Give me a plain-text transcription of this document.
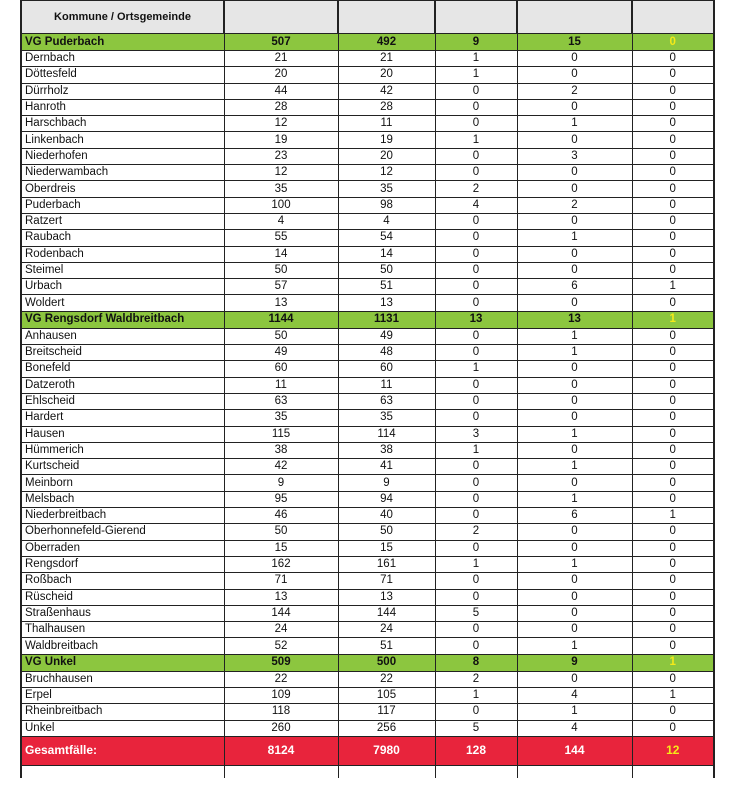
Kommune / Ortsgemeinde					
VG Puderbach	507	492	9	15	0
Dernbach	21	21	1	0	0
Döttesfeld	20	20	1	0	0
Dürrholz	44	42	0	2	0
Hanroth	28	28	0	0	0
Harschbach	12	11	0	1	0
Linkenbach	19	19	1	0	0
Niederhofen	23	20	0	3	0
Niederwambach	12	12	0	0	0
Oberdreis	35	35	2	0	0
Puderbach	100	98	4	2	0
Ratzert	4	4	0	0	0
Raubach	55	54	0	1	0
Rodenbach	14	14	0	0	0
Steimel	50	50	0	0	0
Urbach	57	51	0	6	1
Woldert	13	13	0	0	0
VG Rengsdorf Waldbreitbach	1144	1131	13	13	1
Anhausen	50	49	0	1	0
Breitscheid	49	48	0	1	0
Bonefeld	60	60	1	0	0
Datzeroth	11	11	0	0	0
Ehlscheid	63	63	0	0	0
Hardert	35	35	0	0	0
Hausen	115	114	3	1	0
Hümmerich	38	38	1	0	0
Kurtscheid	42	41	0	1	0
Meinborn	9	9	0	0	0
Melsbach	95	94	0	1	0
Niederbreitbach	46	40	0	6	1
Oberhonnefeld-Gierend	50	50	2	0	0
Oberraden	15	15	0	0	0
Rengsdorf	162	161	1	1	0
Roßbach	71	71	0	0	0
Rüscheid	13	13	0	0	0
Straßenhaus	144	144	5	0	0
Thalhausen	24	24	0	0	0
Waldbreitbach	52	51	0	1	0
VG Unkel	509	500	8	9	1
Bruchhausen	22	22	2	0	0
Erpel	109	105	1	4	1
Rheinbreitbach	118	117	0	1	0
Unkel	260	256	5	4	0
Gesamtfälle:	8124	7980	128	144	12
